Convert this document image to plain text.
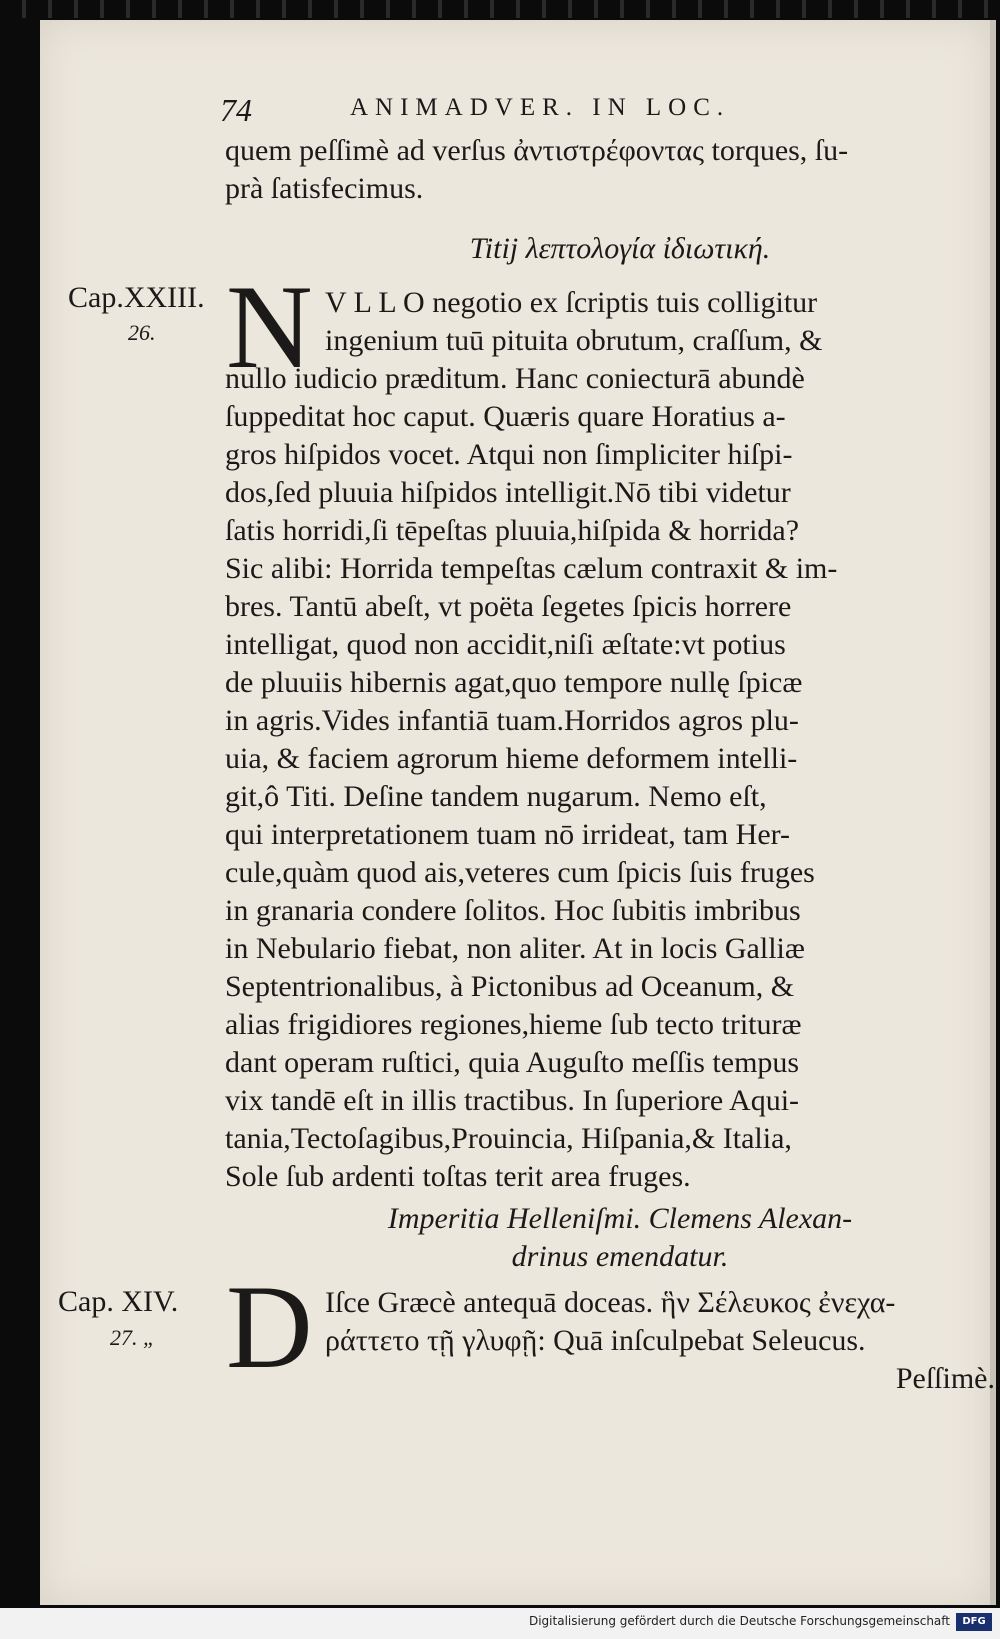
74	ANIMADVER. IN LOC.
quem peſſimè ad verſus ἀντιστρέφοντας torques, ſu-
prà ſatisfecimus.
Titij λεπτολογία ἰδιωτική.
Cap.XXIII.
26. N V L L O negotio ex ſcriptis tuis colligitur
ingenium tuū pituita obrutum, craſſum, &
nullo iudicio præditum. Hanc coniecturā abundè
ſuppeditat hoc caput. Quæris quare Horatius a-
gros hiſpidos vocet. Atqui non ſimpliciter hiſpi-
dos,ſed pluuia hiſpidos intelligit.Nō tibi videtur
ſatis horridi,ſi tēpeſtas pluuia,hiſpida & horrida?
Sic alibi: Horrida tempeſtas cælum contraxit & im-
bres. Tantū abeſt, vt poëta ſegetes ſpicis horrere
intelligat, quod non accidit,niſi æſtate:vt potius
de pluuiis hibernis agat,quo tempore nullę ſpicæ
in agris.Vides infantiā tuam.Horridos agros plu-
uia, & faciem agrorum hieme deformem intelli-
git,ô Titi. Deſine tandem nugarum. Nemo eſt,
qui interpretationem tuam nō irrideat, tam Her-
cule,quàm quod ais,veteres cum ſpicis ſuis fruges
in granaria condere ſolitos. Hoc ſubitis imbribus
in Nebulario fiebat, non aliter. At in locis Galliæ
Septentrionalibus, à Pictonibus ad Oceanum, &
alias frigidiores regiones,hieme ſub tecto trituræ
dant operam ruſtici, quia Auguſto meſſis tempus
vix tandē eſt in illis tractibus. In ſuperiore Aqui-
tania,Tectoſagibus,Prouincia, Hiſpania,& Italia,
Sole ſub ardenti toſtas terit area fruges.
Imperitia Helleniſmi. Clemens Alexan-
drinus emendatur.
Cap. XIV.
27. „ D Iſce Græcè antequā doceas. ἣν Σέλευκος ἐνεχα-
ράττετο τῇ γλυφῇ: Quā inſculpebat Seleucus.
Peſſimè.
Digitalisierung gefördert durch die Deutsche Forschungsgemeinschaft	DFG
